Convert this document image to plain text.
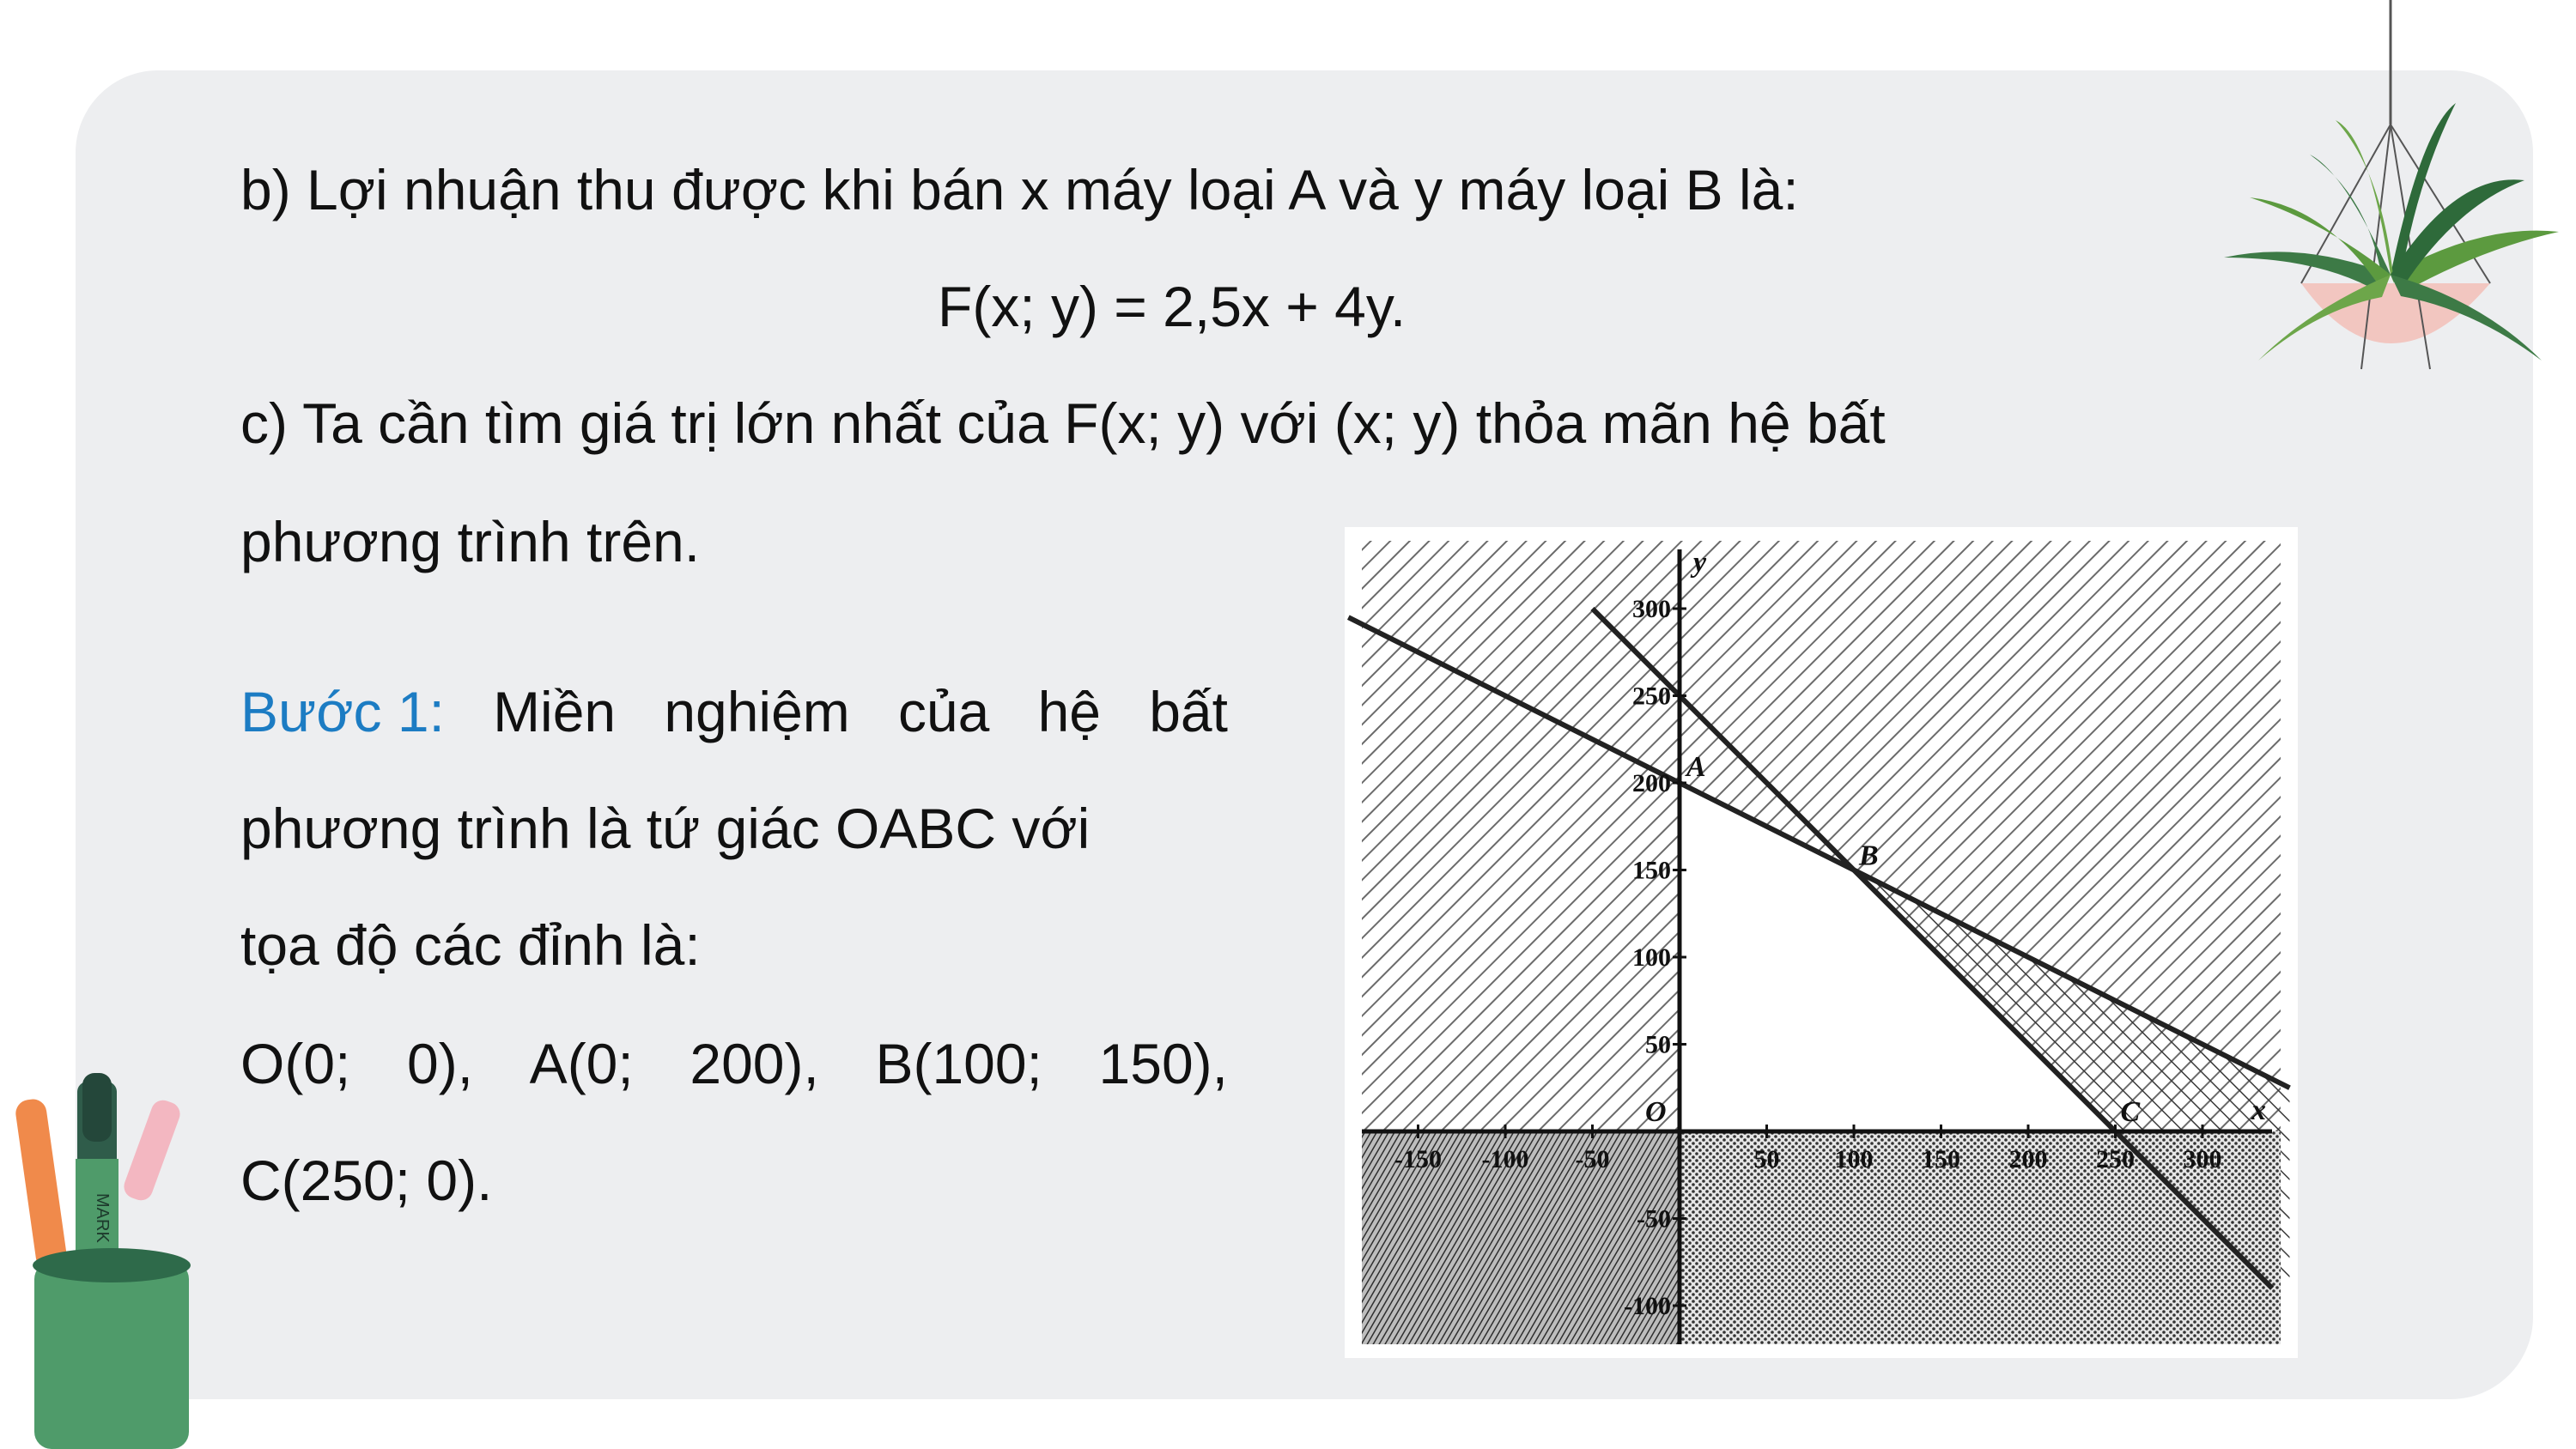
MARK
b) Lợi nhuận thu được khi bán x máy loại A và y máy loại B là:
F(x; y) = 2,5x + 4y.
c) Ta cần tìm giá trị lớn nhất của F(x; y) với (x; y) thỏa mãn hệ bất
phương trình trên.
Bước 1: Miền nghiệm của hệ bất
phương trình là tứ giác OABC với
tọa độ các đỉnh là:
O(0; 0), A(0; 200), B(100; 150),
C(250; 0).	-150 -100 -50	50 100 150 200 250 300
300
250
200
150
100
50
-50
-100
y
x
O
A
B
C
